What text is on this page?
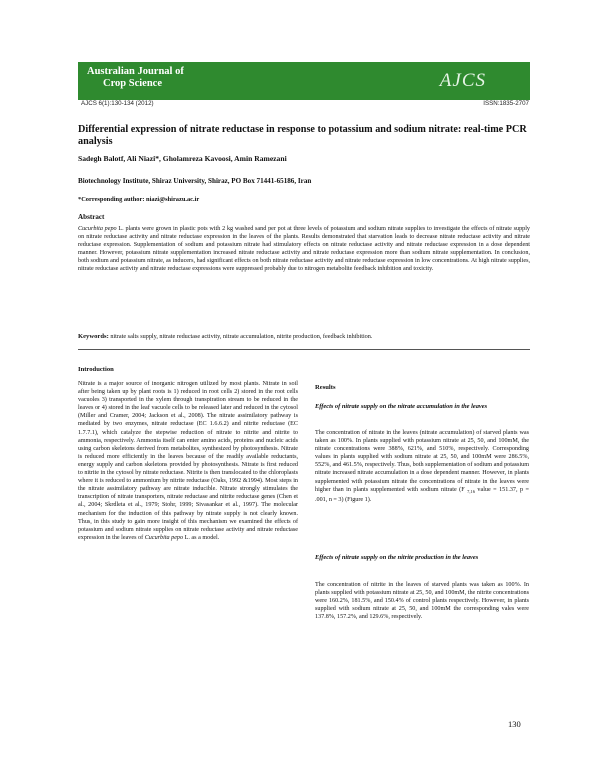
Australian Journal of
Crop Science	AJCS
AJCS 6(1):130-134 (2012)	ISSN:1835-2707
Differential expression of nitrate reductase in response to potassium and sodium nitrate: real-time PCR analysis
Sadegh Balotf, Ali Niazi*, Gholamreza Kavoosi, Amin Ramezani
Biotechnology Institute, Shiraz University, Shiraz, PO Box 71441-65186, Iran
*Corresponding author: niazi@shirazu.ac.ir
Abstract
Cucurbita pepo L. plants were grown in plastic pots with 2 kg washed sand per pot at three levels of potassium and sodium nitrate supplies to investigate the effects of nitrate supply on nitrate reductase activity and nitrate reductase expression in the leaves of the plants. Results demonstrated that starvation leads to decrease nitrate reductase activity and nitrate reductase expression. Supplementation of sodium and potassium nitrate had stimulatory effects on nitrate reductase activity and nitrate reductase expression in a dose dependent manner. However, potassium nitrate supplementation increased nitrate reductase activity and nitrate reductase expression more than sodium nitrate supplementation. In conclusion, both sodium and potassium nitrate, as inducers, had significant effects on both nitrate reductase activity and nitrate reductase expression in low concentrations. At high nitrate supplies, nitrate reductase activity and nitrate reductase expressions were suppressed probably due to nitrogen metabolite feedback inhibition and toxicity.
Keywords: nitrate salts supply, nitrate reductase activity, nitrate accumulation, nitrite production, feedback inhibition.
Introduction
Nitrate is a major source of inorganic nitrogen utilized by most plants. Nitrate in soil after being taken up by plant roots is 1) reduced in root cells 2) stored in the root cells vacuoles 3) transported in the xylem through transpiration stream to be reduced in the leaves or 4) stored in the leaf vacuole cells to be released later and reduced in the cytosol (Miller and Cramer, 2004; Jackson et al., 2008). The nitrate assimilatory pathway is mediated by two enzymes, nitrate reductase (EC 1.6.6.2) and nitrite reductase (EC 1.7.7.1), which catalyze the stepwise reduction of nitrate to nitrite and nitrite to ammonia, respectively. Ammonia itself can enter amino acids, proteins and nucleic acids using carbon skeletons derived from metabolites, synthesized by photosynthesis. Nitrate is reduced more efficiently in the leaves because of the readily available reductants, energy supply and carbon skeletons provided by photosynthesis. Nitrate is first reduced to nitrite in the cytosol by nitrate reductase. Nitrite is then translocated to the chloroplasts where it is reduced to ammonium by nitrite reductase (Oaks, 1992 &1994). Most steps in the nitrate assimilatory pathway are nitrate inducible. Nitrate strongly stimulates the transcription of nitrate transporters, nitrate reductase and nitrite reductase genes (Chen et al., 2004; Skrdleta et al., 1979; Stohr, 1999; Sivasankar et al., 1997). The molecular mechanism for the induction of this pathway by nitrate supply is not clearly known. Thus, in this study to gain more insight of this mechanism we examined the effects of potassium and sodium nitrate supplies on nitrate reductase activity and nitrate reductase expression in the leaves of Cucurbita pepo L. as a model.
Results
Effects of nitrate supply on the nitrate accumulation in the leaves
The concentration of nitrate in the leaves (nitrate accumulation) of starved plants was taken as 100%. In plants supplied with potassium nitrate at 25, 50, and 100mM, the nitrate concentrations were 388%, 621%, and 510%, respectively. Corresponding values in plants supplied with sodium nitrate at 25, 50, and 100mM were 286.5%, 552%, and 461.5%, respectively. Thus, both supplementation of sodium and potassium nitrate increased nitrate accumulation in a dose dependent manner. However, in plants supplemented with potassium nitrate the concentrations of nitrate in the leaves were higher than in plants supplemented with sodium nitrate (F $_{7,16}$ value = 151.37, p = .001, n = 3) (Figure 1).
Effects of nitrate supply on the nitrite production in the leaves
The concentration of nitrite in the leaves of starved plants was taken as 100%. In plants supplied with potassium nitrate at 25, 50, and 100mM, the nitrite concentrations were 160.2%, 181.5%, and 150.4% of control plants respectively. However, in plants supplied with sodium nitrate at 25, 50, and 100mM the corresponding vales were 137.8%, 157.2%, and 129.6%, respectively.
130
